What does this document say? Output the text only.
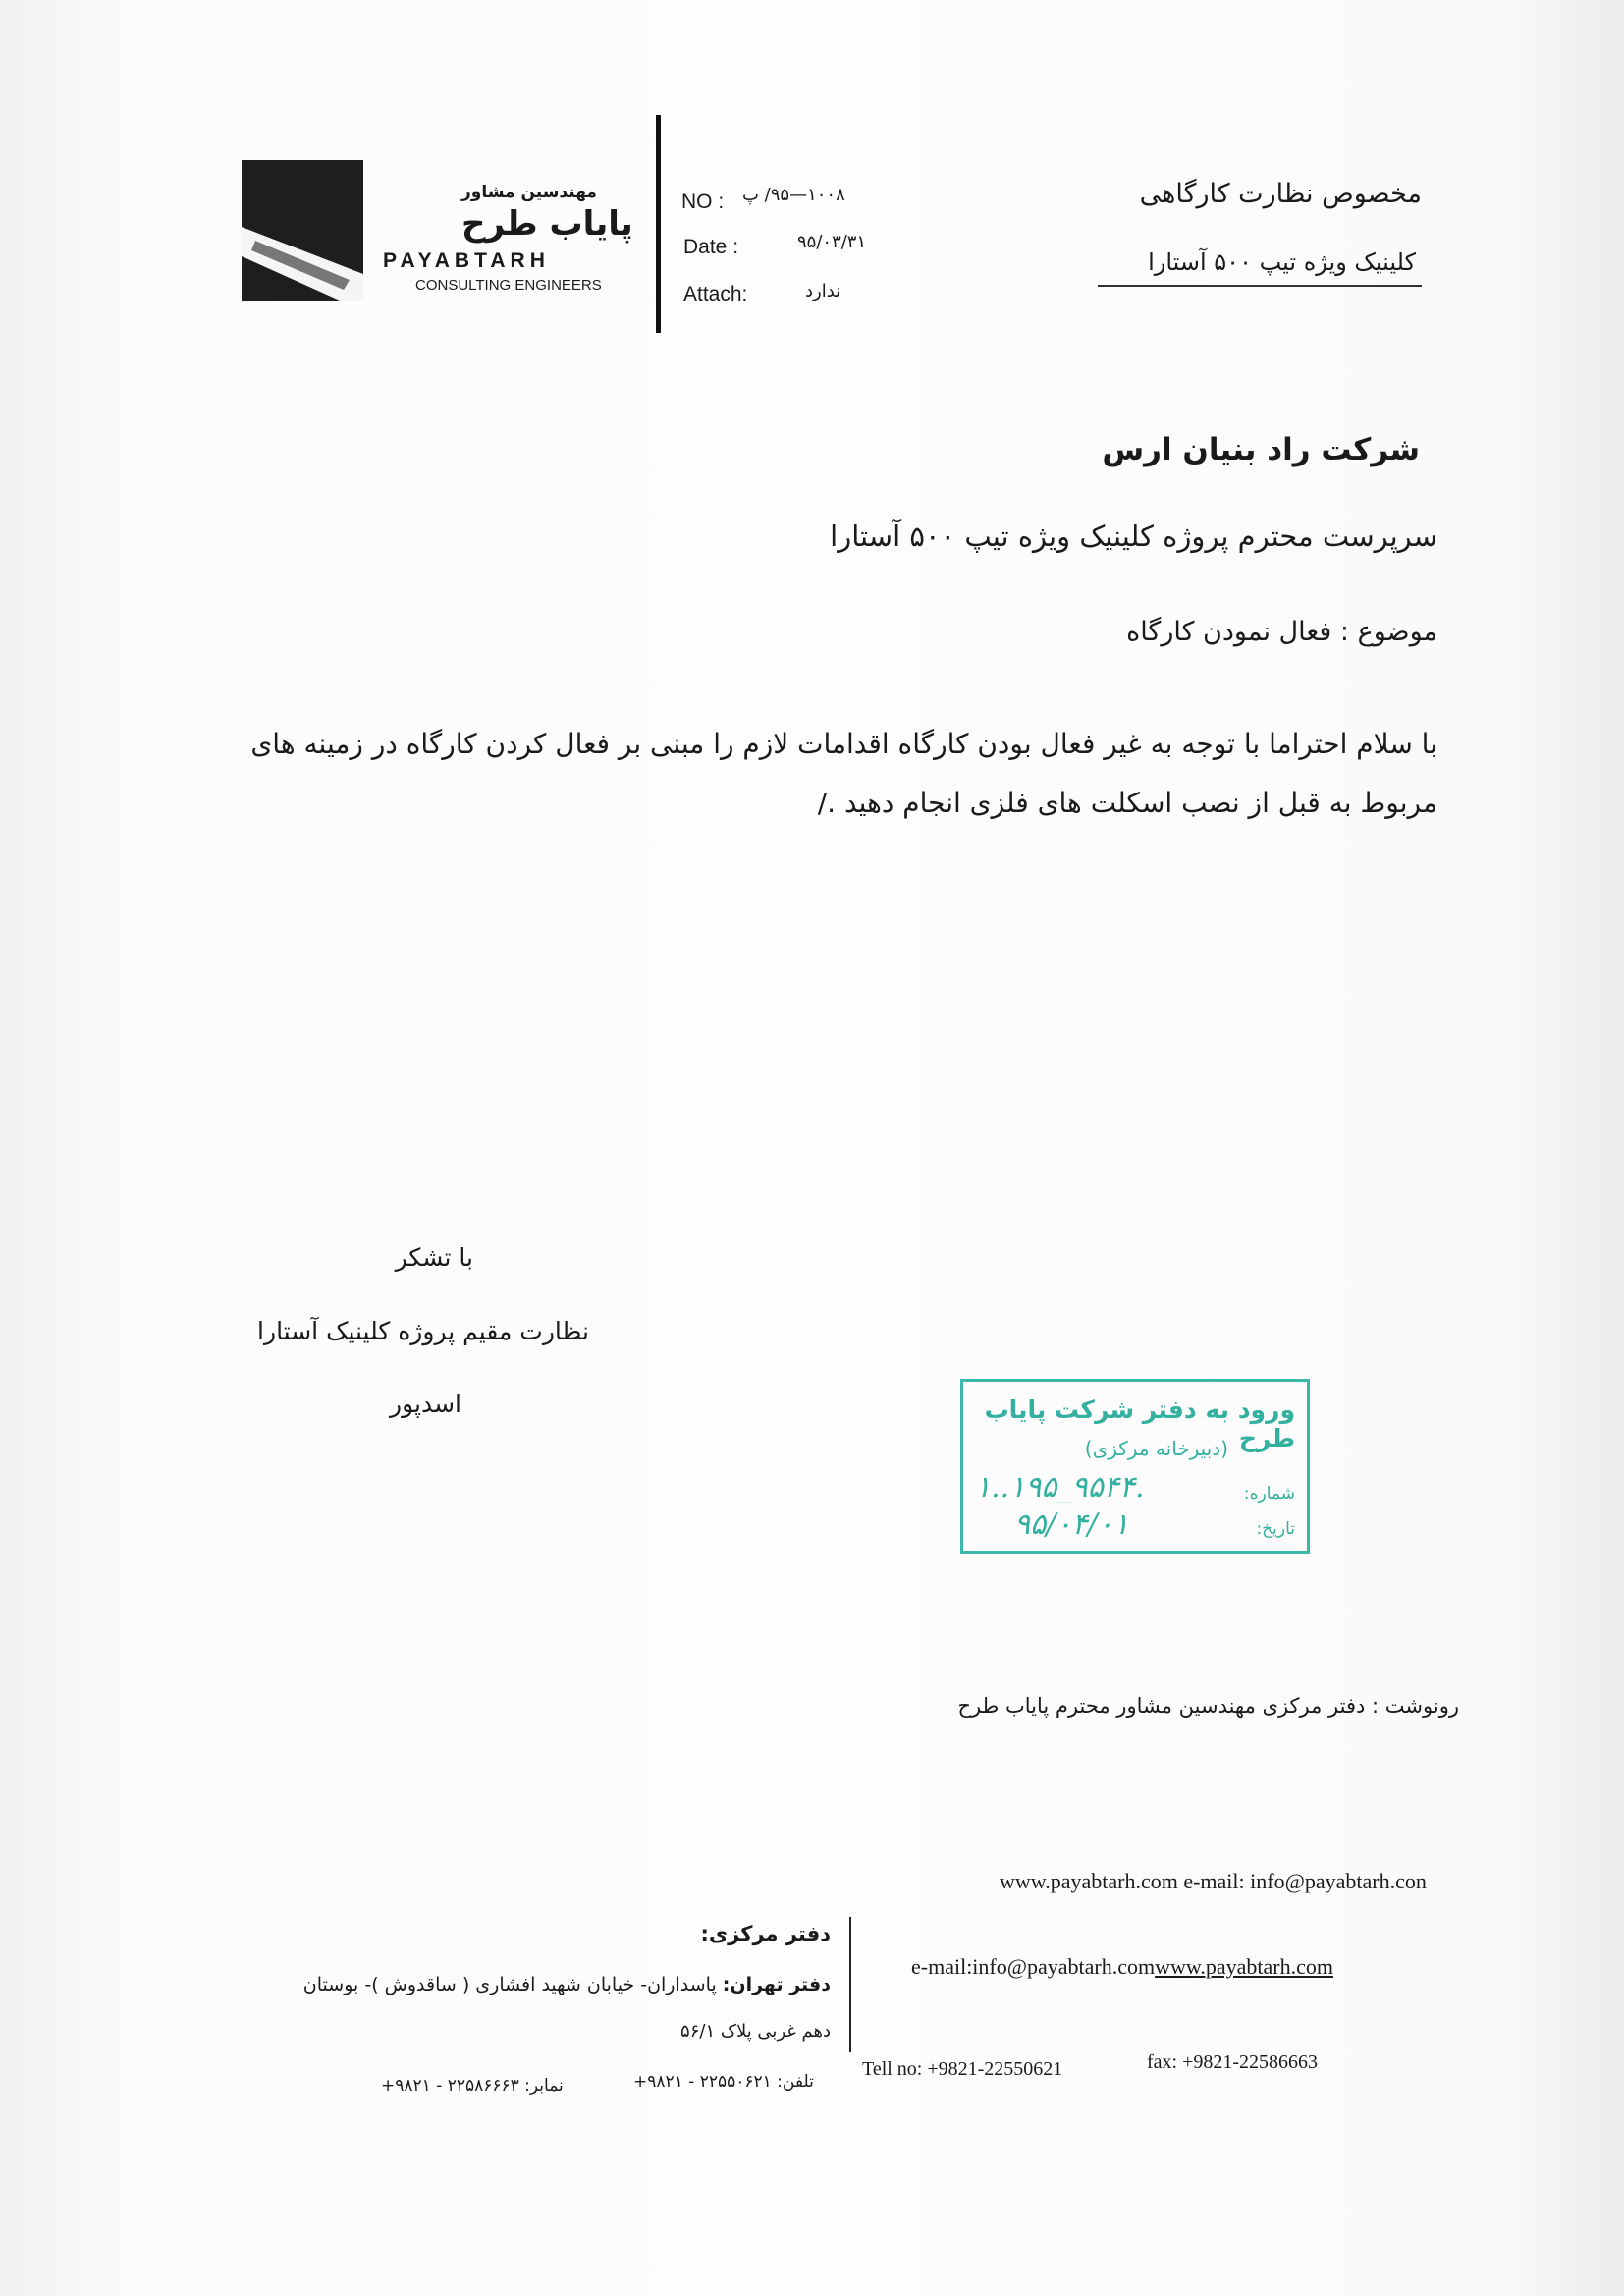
مهندسین مشاور
پایاب طرح
PAYABTARH
CONSULTING ENGINEERS
NO : ۱۰۰۸—۹۵/ پ
Date :	۹۵/۰۳/۳۱
Attach:	ندارد
مخصوص نظارت کارگاهی
کلینیک ویژه تیپ ۵۰۰ آستارا
شرکت راد بنیان ارس
سرپرست محترم پروژه کلینیک ویژه تیپ ۵۰۰ آستارا
موضوع : فعال نمودن کارگاه
با سلام احتراما با توجه به غیر فعال بودن کارگاه اقدامات لازم را مبنی بر فعال کردن کارگاه در زمینه های مربوط به قبل از نصب اسکلت های فلزی انجام دهید ./
با تشکر
نظارت مقیم پروژه کلینیک آستارا
اسدپور	ورود به دفتر شرکت پایاب طرح
(دبیرخانه مرکزی)
شماره:
۱..۱۹۵_۹۵۴۴.
تاریخ:
۹۵/۰۴/۰۱
رونوشت : دفتر مرکزی مهندسین مشاور محترم پایاب طرح
www.payabtarh.com e-mail: info@payabtarh.con
e-mail:info@payabtarh.comwww.payabtarh.com
دفتر مرکزی:
دفتر تهران: پاسداران- خیابان شهید افشاری ( ساقدوش )- بوستان
دهم غربی پلاک ۵۶/۱
Tell no: +9821-22550621	fax: +9821-22586663
تلفن: ۲۲۵۵۰۶۲۱ - ۹۸۲۱+
نمابر: ۲۲۵۸۶۶۶۳ - ۹۸۲۱+
